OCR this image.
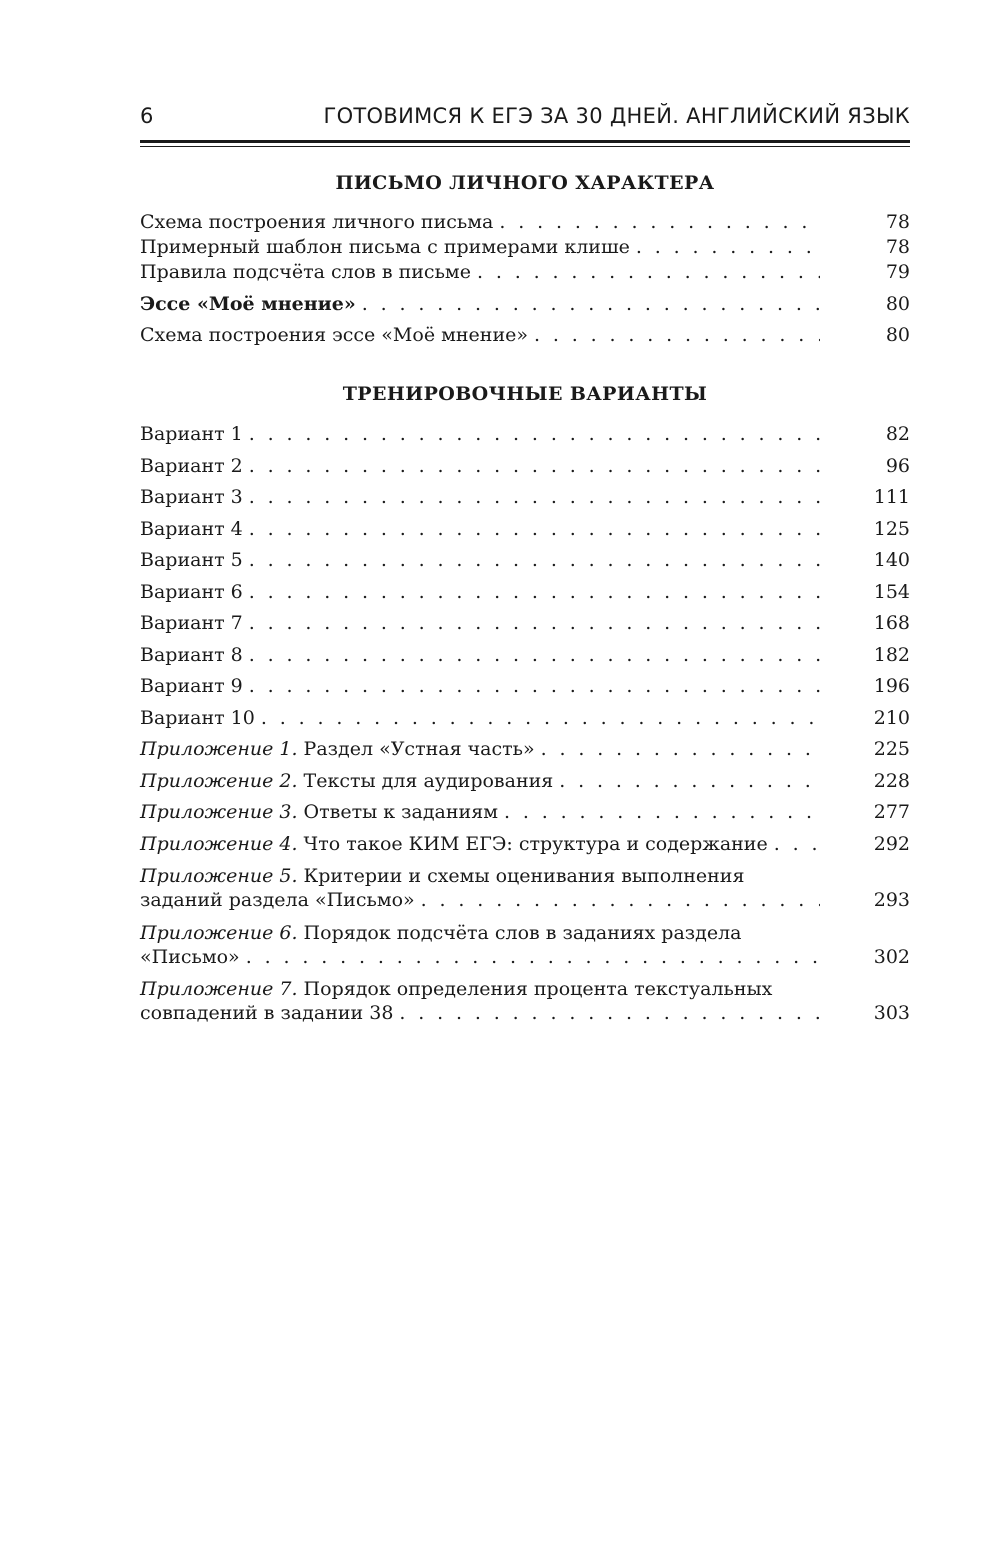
6	ГОТОВИМСЯ К ЕГЭ ЗА 30 ДНЕЙ. АНГЛИЙСКИЙ ЯЗЫК
ПИСЬМО ЛИЧНОГО ХАРАКТЕРА
Схема построения личного письма . . .	78
Примерный шаблон письма с примерами клише . . .	78
Правила подсчёта слов в письме . . .	79
Эссе «Моё мнение» . . .	80
Схема построения эссе «Моё мнение» . . .	80
ТРЕНИРОВОЧНЫЕ ВАРИАНТЫ
Вариант 1 . . .	82
Вариант 2 . . .	96
Вариант 3 . . .	111
Вариант 4 . . .	125
Вариант 5 . . .	140
Вариант 6 . . .	154
Вариант 7 . . .	168
Вариант 8 . . .	182
Вариант 9 . . .	196
Вариант 10 . . .	210
Приложение 1. Раздел «Устная часть» . . .	225
Приложение 2. Тексты для аудирования . . .	228
Приложение 3. Ответы к заданиям . . .	277
Приложение 4. Что такое КИМ ЕГЭ: структура и содержание . . .	292
Приложение 5. Критерии и схемы оценивания выполнения
заданий раздела «Письмо» . . .	293
Приложение 6. Порядок подсчёта слов в заданиях раздела
«Письмо» . . .	302
Приложение 7. Порядок определения процента текстуальных
совпадений в задании 38 . . .	303
